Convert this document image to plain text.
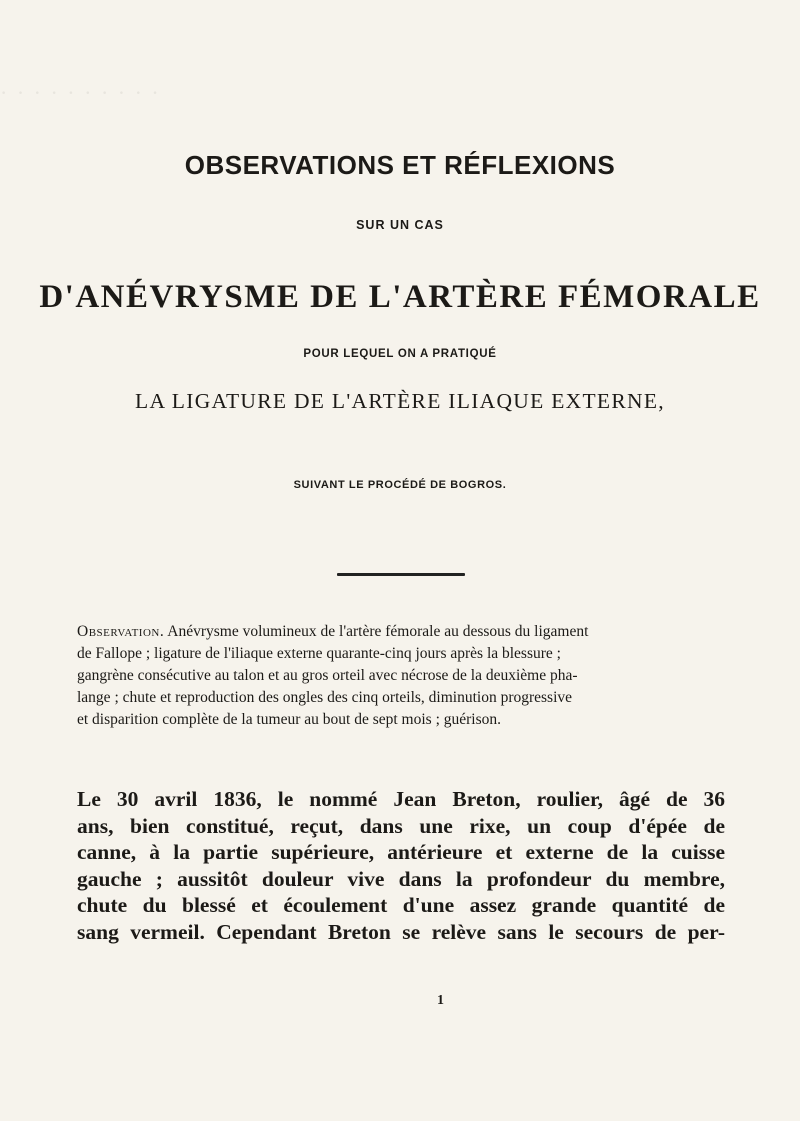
· · · · · · · · · ·
OBSERVATIONS ET RÉFLEXIONS
SUR UN CAS
D'ANÉVRYSME DE L'ARTÈRE FÉMORALE
POUR LEQUEL ON A PRATIQUÉ
LA LIGATURE DE L'ARTÈRE ILIAQUE EXTERNE,
SUIVANT LE PROCÉDÉ DE BOGROS.
Observation. Anévrysme volumineux de l'artère fémorale au dessous du ligament
de Fallope ; ligature de l'iliaque externe quarante-cinq jours après la blessure ;
gangrène consécutive au talon et au gros orteil avec nécrose de la deuxième pha-
lange ; chute et reproduction des ongles des cinq orteils, diminution progressive
et disparition complète de la tumeur au bout de sept mois ; guérison.
Le 30 avril 1836, le nommé Jean Breton, roulier, âgé de 36
ans, bien constitué, reçut, dans une rixe, un coup d'épée de
canne, à la partie supérieure, antérieure et externe de la cuisse
gauche ; aussitôt douleur vive dans la profondeur du membre,
chute du blessé et écoulement d'une assez grande quantité de
sang vermeil. Cependant Breton se relève sans le secours de per-
1
